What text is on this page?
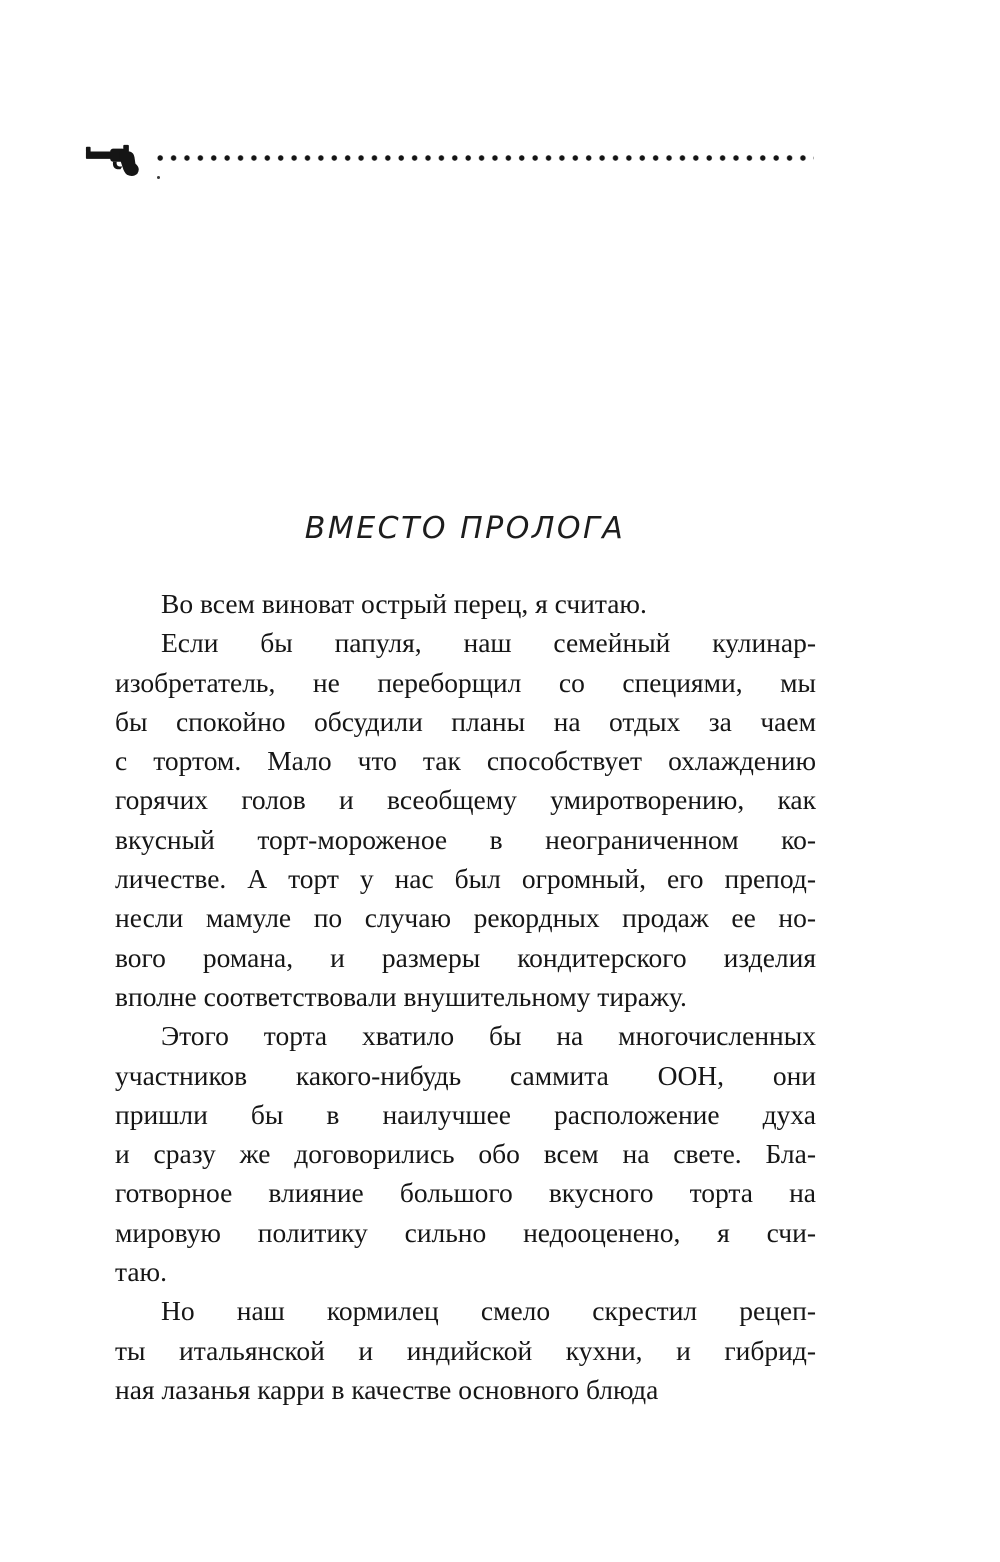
ВМЕСТО ПРОЛОГА
Во всем виноват острый перец, я считаю.
Если бы папуля, наш семейный кулинар-
изобретатель, не переборщил со специями, мы
бы спокойно обсудили планы на отдых за чаем
с тортом. Мало что так способствует охлаждению
горячих голов и всеобщему умиротворению, как
вкусный торт-мороженое в неограниченном ко-
личестве. А торт у нас был огромный, его препод-
несли мамуле по случаю рекордных продаж ее но-
вого романа, и размеры кондитерского изделия
вполне соответствовали внушительному тиражу.
Этого торта хватило бы на многочисленных
участников какого-нибудь саммита ООН, они
пришли бы в наилучшее расположение духа
и сразу же договорились обо всем на свете. Бла-
готворное влияние большого вкусного торта на
мировую политику сильно недооценено, я счи-
таю.
Но наш кормилец смело скрестил рецеп-
ты итальянской и индийской кухни, и гибрид-
ная лазанья карри в качестве основного блюда
